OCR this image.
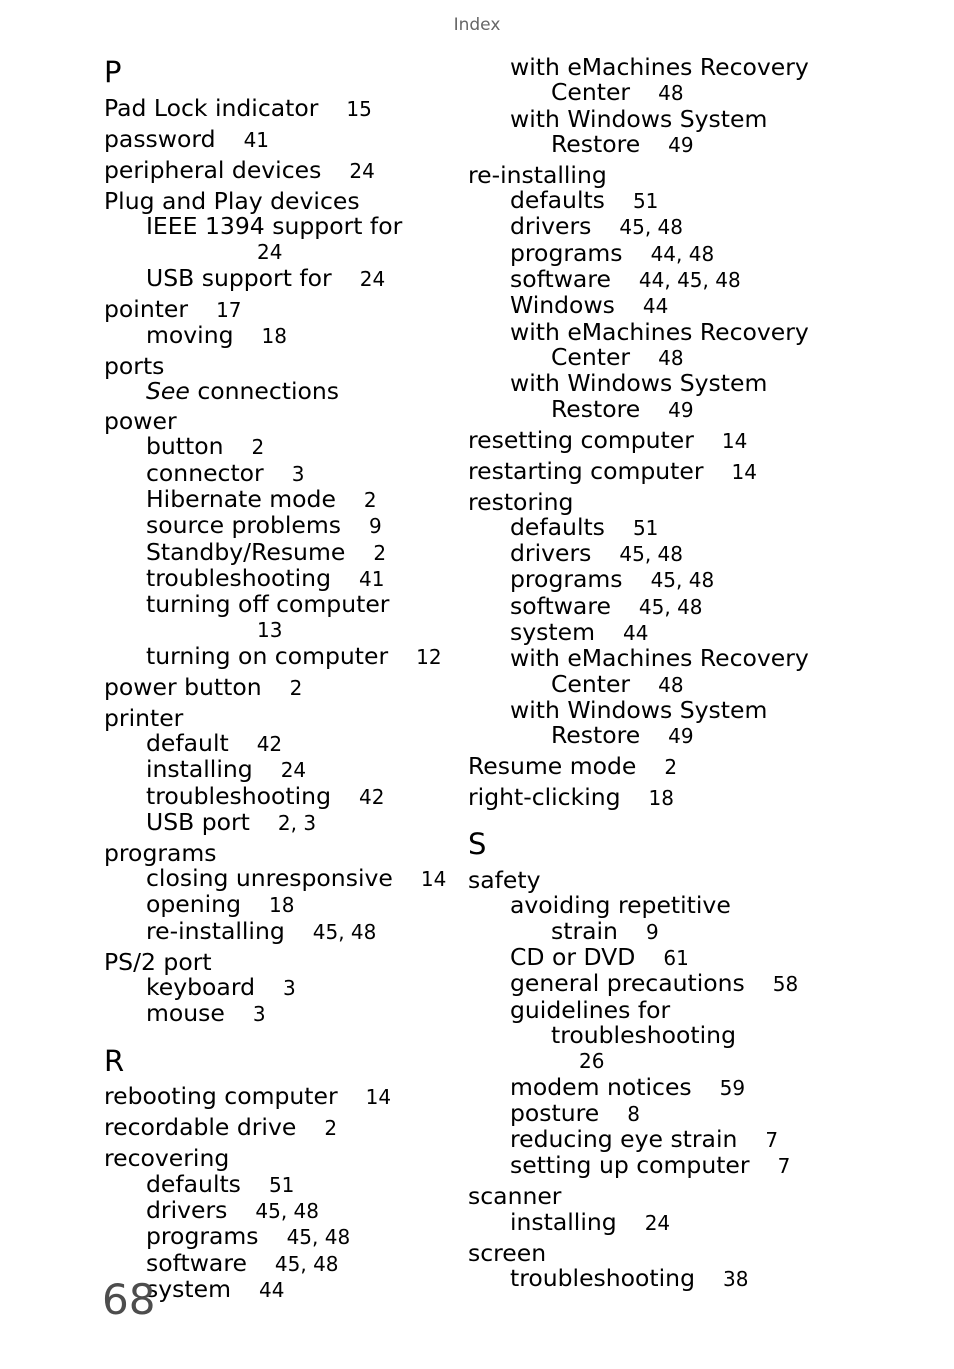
Index
P
Pad Lock indicator 15
password 41
peripheral devices 24
Plug and Play devices
IEEE 1394 support for
24
USB support for 24
pointer 17
moving 18
ports
See connections
power
button 2
connector 3
Hibernate mode 2
source problems 9
Standby/Resume 2
troubleshooting 41
turning off computer
13
turning on computer 12
power button 2
printer
default 42
installing 24
troubleshooting 42
USB port 2, 3
programs
closing unresponsive 14
opening 18
re-installing 45, 48
PS/2 port
keyboard 3
mouse 3
R
rebooting computer 14
recordable drive 2
recovering
defaults 51
drivers 45, 48
programs 45, 48
software 45, 48
system 44
with eMachines Recovery
Center 48
with Windows System
Restore 49
re-installing
defaults 51
drivers 45, 48
programs 44, 48
software 44, 45, 48
Windows 44
with eMachines Recovery
Center 48
with Windows System
Restore 49
resetting computer 14
restarting computer 14
restoring
defaults 51
drivers 45, 48
programs 45, 48
software 45, 48
system 44
with eMachines Recovery
Center 48
with Windows System
Restore 49
Resume mode 2
right-clicking 18
S
safety
avoiding repetitive
strain 9
CD or DVD 61
general precautions 58
guidelines for
troubleshooting
26
modem notices 59
posture 8
reducing eye strain 7
setting up computer 7
scanner
installing 24
screen
troubleshooting 38
68
